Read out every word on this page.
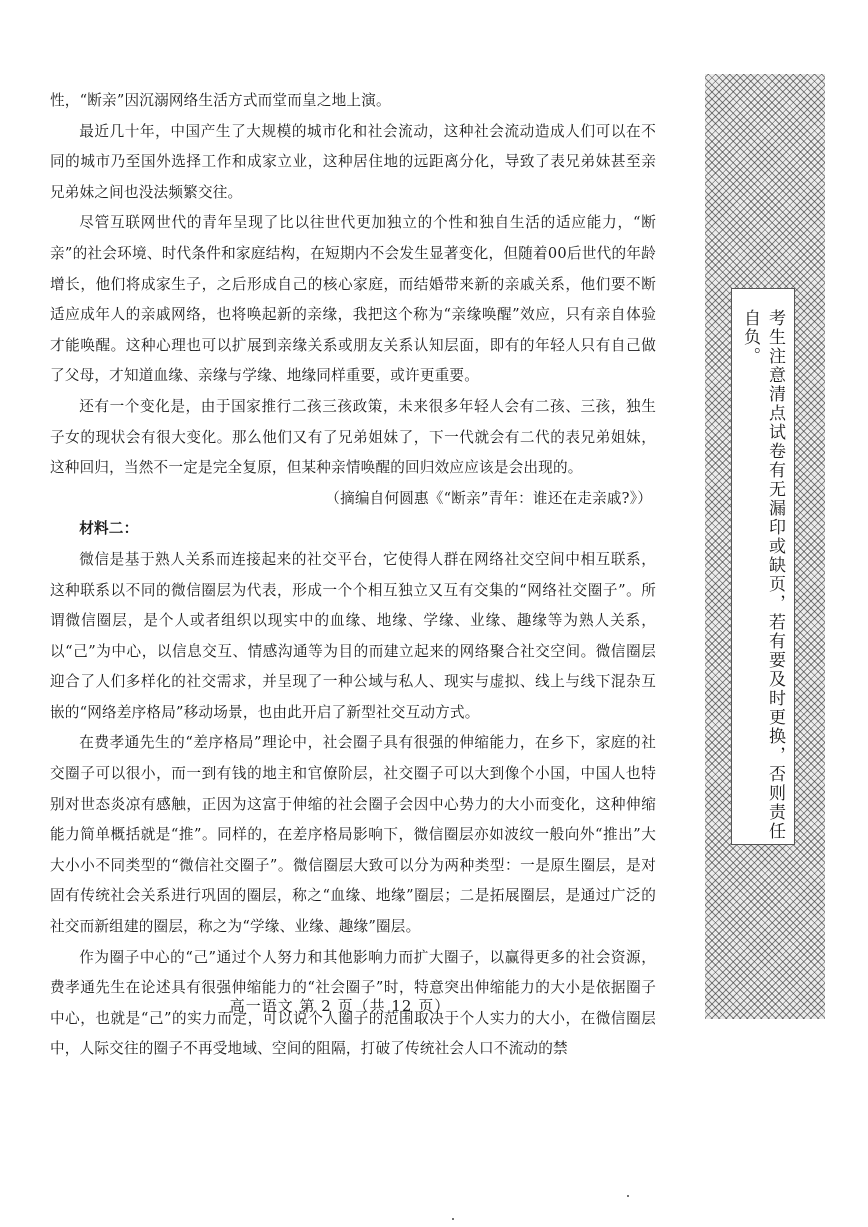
性，“断亲”因沉溺网络生活方式而堂而皇之地上演。

最近几十年，中国产生了大规模的城市化和社会流动，这种社会流动造成人们可以在不同的城市乃至国外选择工作和成家立业，这种居住地的远距离分化，导致了表兄弟妹甚至亲兄弟妹之间也没法频繁交往。

尽管互联网世代的青年呈现了比以往世代更加独立的个性和独自生活的适应能力，“断亲”的社会环境、时代条件和家庭结构，在短期内不会发生显著变化，但随着00后世代的年龄增长，他们将成家生子，之后形成自己的核心家庭，而结婚带来新的亲戚关系，他们要不断适应成年人的亲戚网络，也将唤起新的亲缘，我把这个称为“亲缘唤醒”效应，只有亲自体验才能唤醒。这种心理也可以扩展到亲缘关系或朋友关系认知层面，即有的年轻人只有自己做了父母，才知道血缘、亲缘与学缘、地缘同样重要，或许更重要。

还有一个变化是，由于国家推行二孩三孩政策，未来很多年轻人会有二孩、三孩，独生子女的现状会有很大变化。那么他们又有了兄弟姐妹了，下一代就会有二代的表兄弟姐妹，这种回归，当然不一定是完全复原，但某种亲情唤醒的回归效应应该是会出现的。

（摘编自何圆惠《“断亲”青年：谁还在走亲戚?》）

材料二：

微信是基于熟人关系而连接起来的社交平台，它使得人群在网络社交空间中相互联系，这种联系以不同的微信圈层为代表，形成一个个相互独立又互有交集的“网络社交圈子”。所谓微信圈层，是个人或者组织以现实中的血缘、地缘、学缘、业缘、趣缘等为熟人关系，以“己”为中心，以信息交互、情感沟通等为目的而建立起来的网络聚合社交空间。微信圈层迎合了人们多样化的社交需求，并呈现了一种公域与私人、现实与虚拟、线上与线下混杂互嵌的“网络差序格局”移动场景，也由此开启了新型社交互动方式。

在费孝通先生的“差序格局”理论中，社会圈子具有很强的伸缩能力，在乡下，家庭的社交圈子可以很小，而一到有钱的地主和官僚阶层，社交圈子可以大到像个小国，中国人也特别对世态炎凉有感触，正因为这富于伸缩的社会圈子会因中心势力的大小而变化，这种伸缩能力简单概括就是“推”。同样的，在差序格局影响下，微信圈层亦如波纹一般向外“推出”大大小小不同类型的“微信社交圈子”。微信圈层大致可以分为两种类型：一是原生圈层，是对固有传统社会关系进行巩固的圈层，称之“血缘、地缘”圈层；二是拓展圈层，是通过广泛的社交而新组建的圈层，称之为“学缘、业缘、趣缘”圈层。

作为圈子中心的“己”通过个人努力和其他影响力而扩大圈子，以赢得更多的社会资源，费孝通先生在论述具有很强伸缩能力的“社会圈子”时，特意突出伸缩能力的大小是依据圈子中心，也就是“己”的实力而定，可以说个人圈子的范围取决于个人实力的大小，在微信圈层中，人际交往的圈子不再受地域、空间的阻隔，打破了传统社会人口不流动的禁

高一语文 第 2 页（共 12 页）
考生注意清点试卷有无漏印或缺页，若有要及时更换，否则责任自负。
